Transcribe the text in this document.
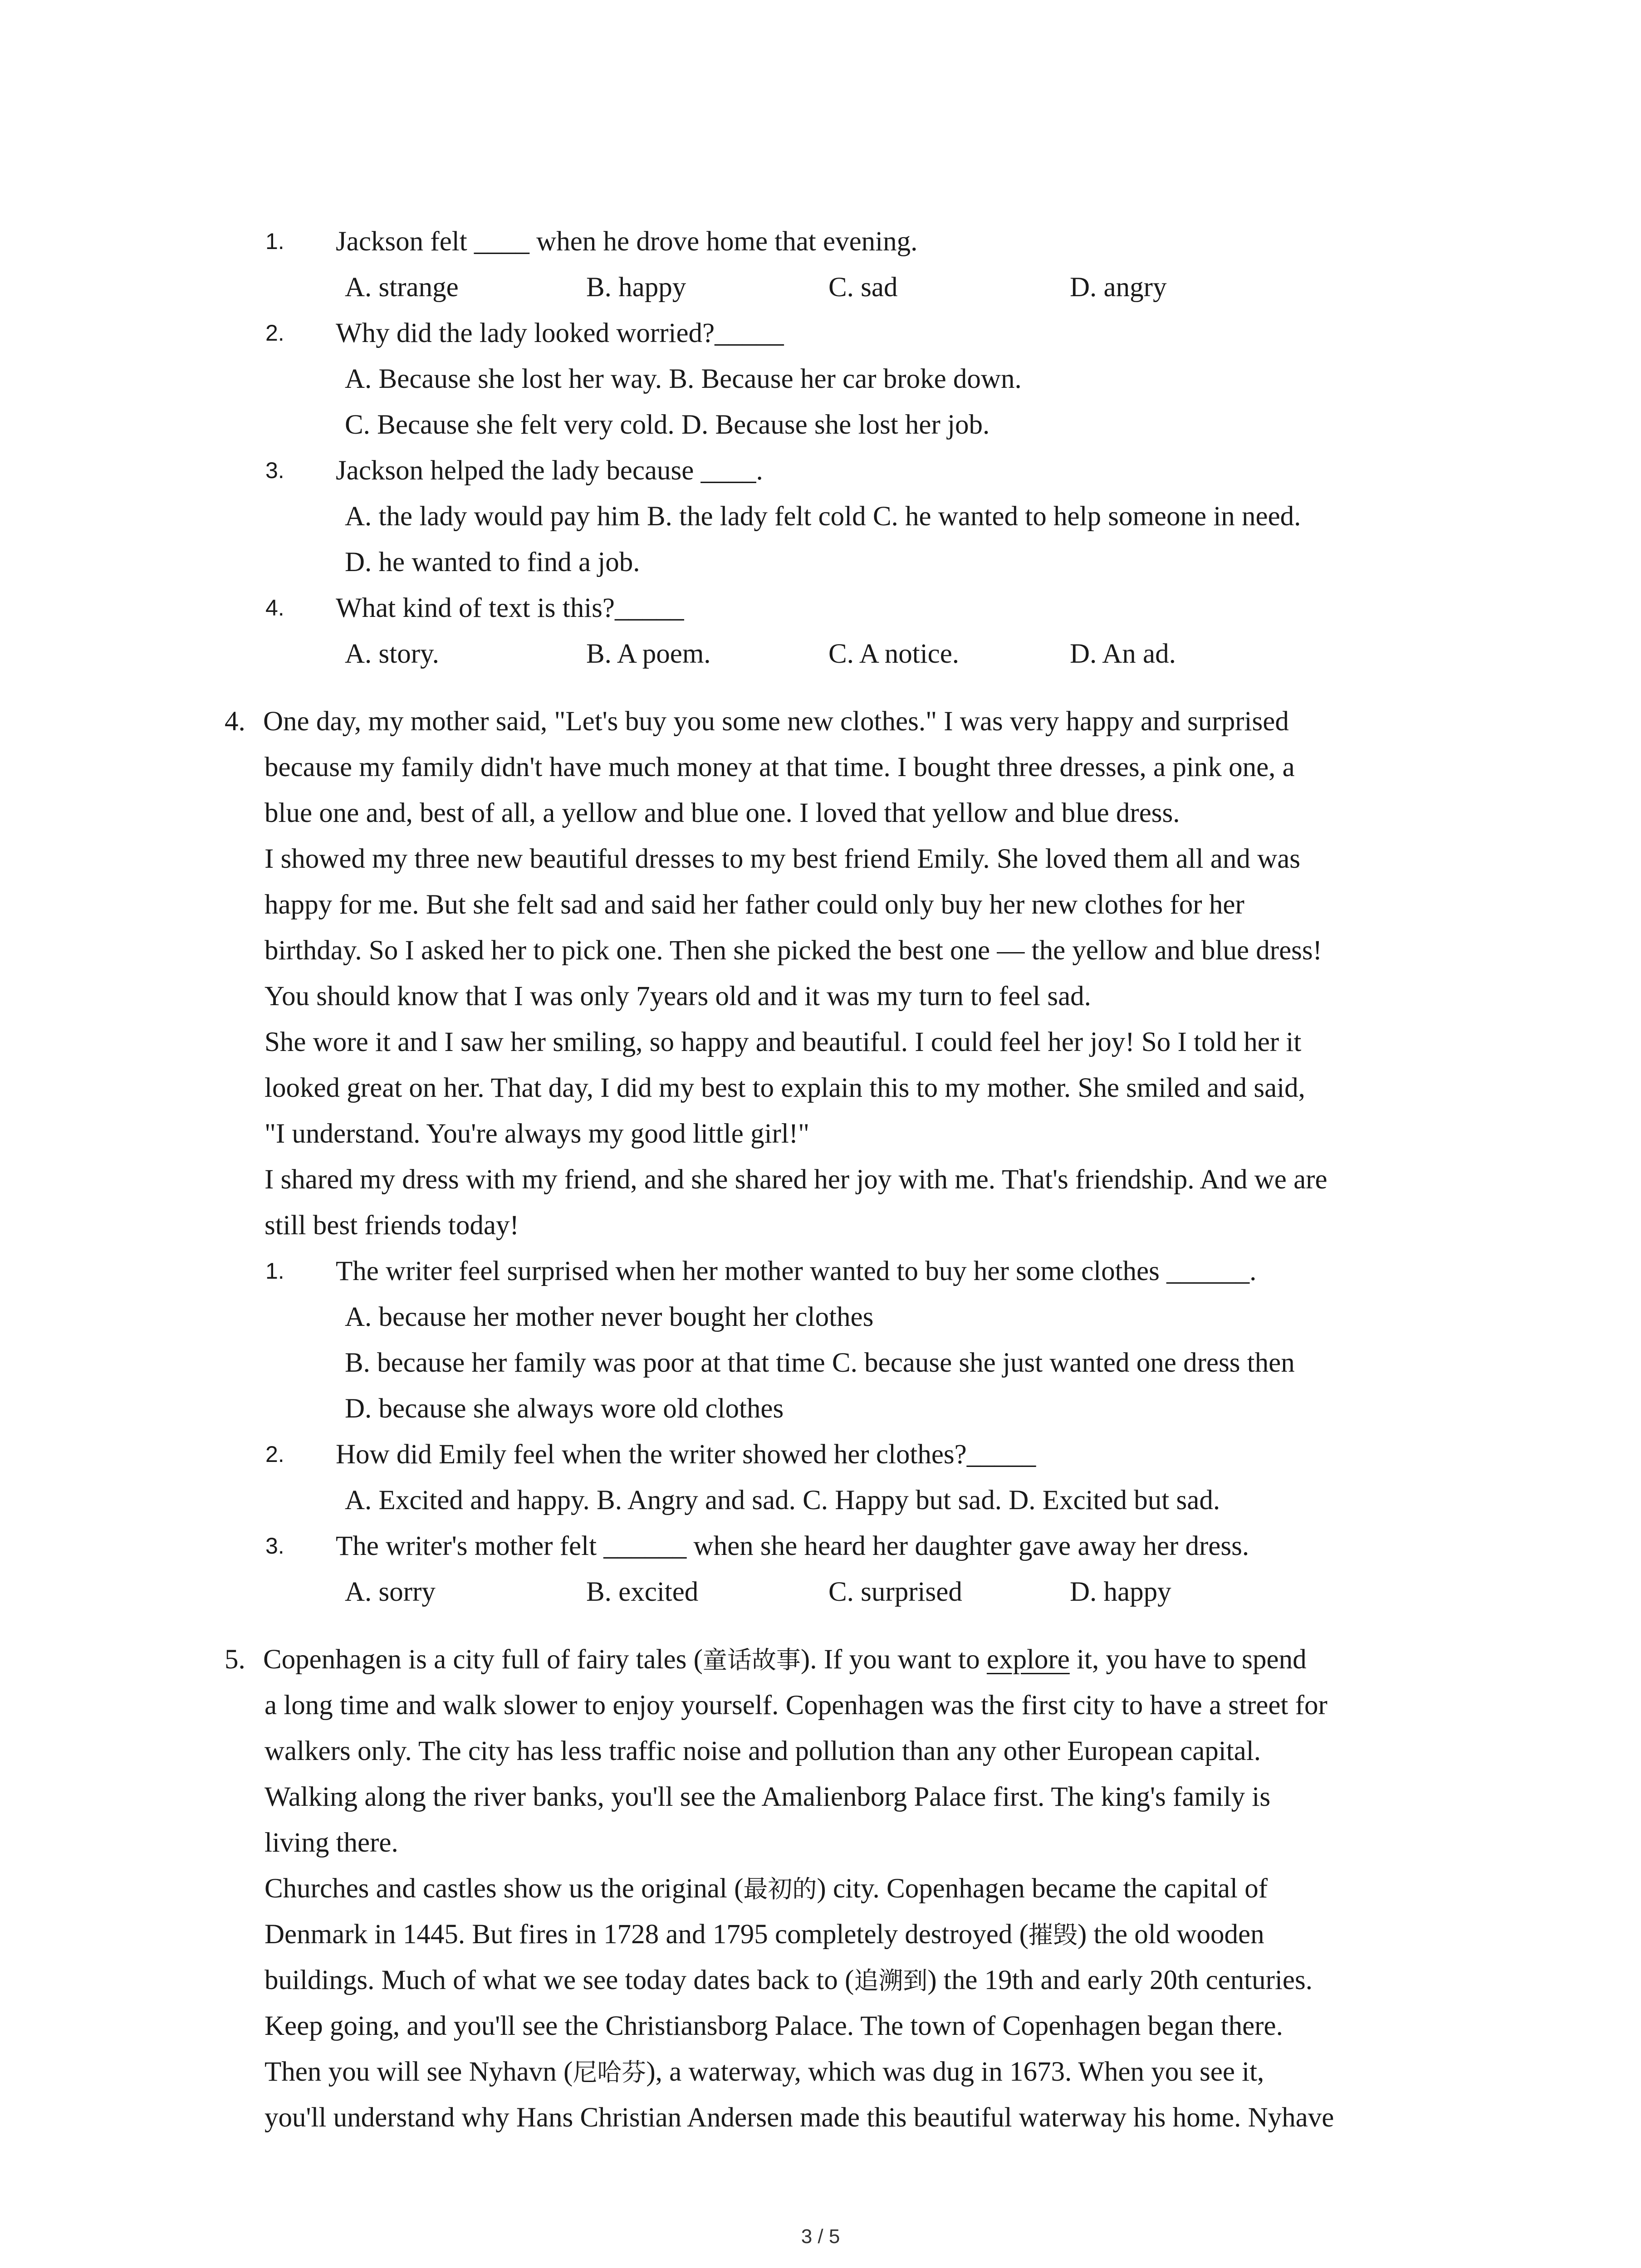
1. Jackson felt ____ when he drove home that evening.
A. strange	B. happy	C. sad	D. angry
2. Why did the lady looked worried?_____
A. Because she lost her way. B. Because her car broke down.
C. Because she felt very cold. D. Because she lost her job.
3. Jackson helped the lady because ____.
A. the lady would pay him B. the lady felt cold C. he wanted to help someone in need.
D. he wanted to find a job.
4. What kind of text is this?_____
A. story.	B. A poem.	C. A notice.	D. An ad.
4. One day, my mother said, "Let's buy you some new clothes." I was very happy and surprised
because my family didn't have much money at that time. I bought three dresses, a pink one, a
blue one and, best of all, a yellow and blue one. I loved that yellow and blue dress.
I showed my three new beautiful dresses to my best friend Emily. She loved them all and was
happy for me. But she felt sad and said her father could only buy her new clothes for her
birthday. So I asked her to pick one. Then she picked the best one — the yellow and blue dress!
You should know that I was only 7years old and it was my turn to feel sad.
She wore it and I saw her smiling, so happy and beautiful. I could feel her joy! So I told her it
looked great on her. That day, I did my best to explain this to my mother. She smiled and said,
"I understand. You're always my good little girl!"
I shared my dress with my friend, and she shared her joy with me. That's friendship. And we are
still best friends today!
1. The writer feel surprised when her mother wanted to buy her some clothes ______.
A. because her mother never bought her clothes
B. because her family was poor at that time C. because she just wanted one dress then
D. because she always wore old clothes
2. How did Emily feel when the writer showed her clothes?_____
A. Excited and happy. B. Angry and sad. C. Happy but sad. D. Excited but sad.
3. The writer's mother felt ______ when she heard her daughter gave away her dress.
A. sorry	B. excited	C. surprised	D. happy
5. Copenhagen is a city full of fairy tales (童话故事). If you want to explore it, you have to spend
a long time and walk slower to enjoy yourself. Copenhagen was the first city to have a street for
walkers only. The city has less traffic noise and pollution than any other European capital.
Walking along the river banks, you'll see the Amalienborg Palace first. The king's family is
living there.
Churches and castles show us the original (最初的) city. Copenhagen became the capital of
Denmark in 1445. But fires in 1728 and 1795 completely destroyed (摧毁) the old wooden
buildings. Much of what we see today dates back to (追溯到) the 19th and early 20th centuries.
Keep going, and you'll see the Christiansborg Palace. The town of Copenhagen began there.
Then you will see Nyhavn (尼哈芬), a waterway, which was dug in 1673. When you see it,
you'll understand why Hans Christian Andersen made this beautiful waterway his home. Nyhave
3 / 5
